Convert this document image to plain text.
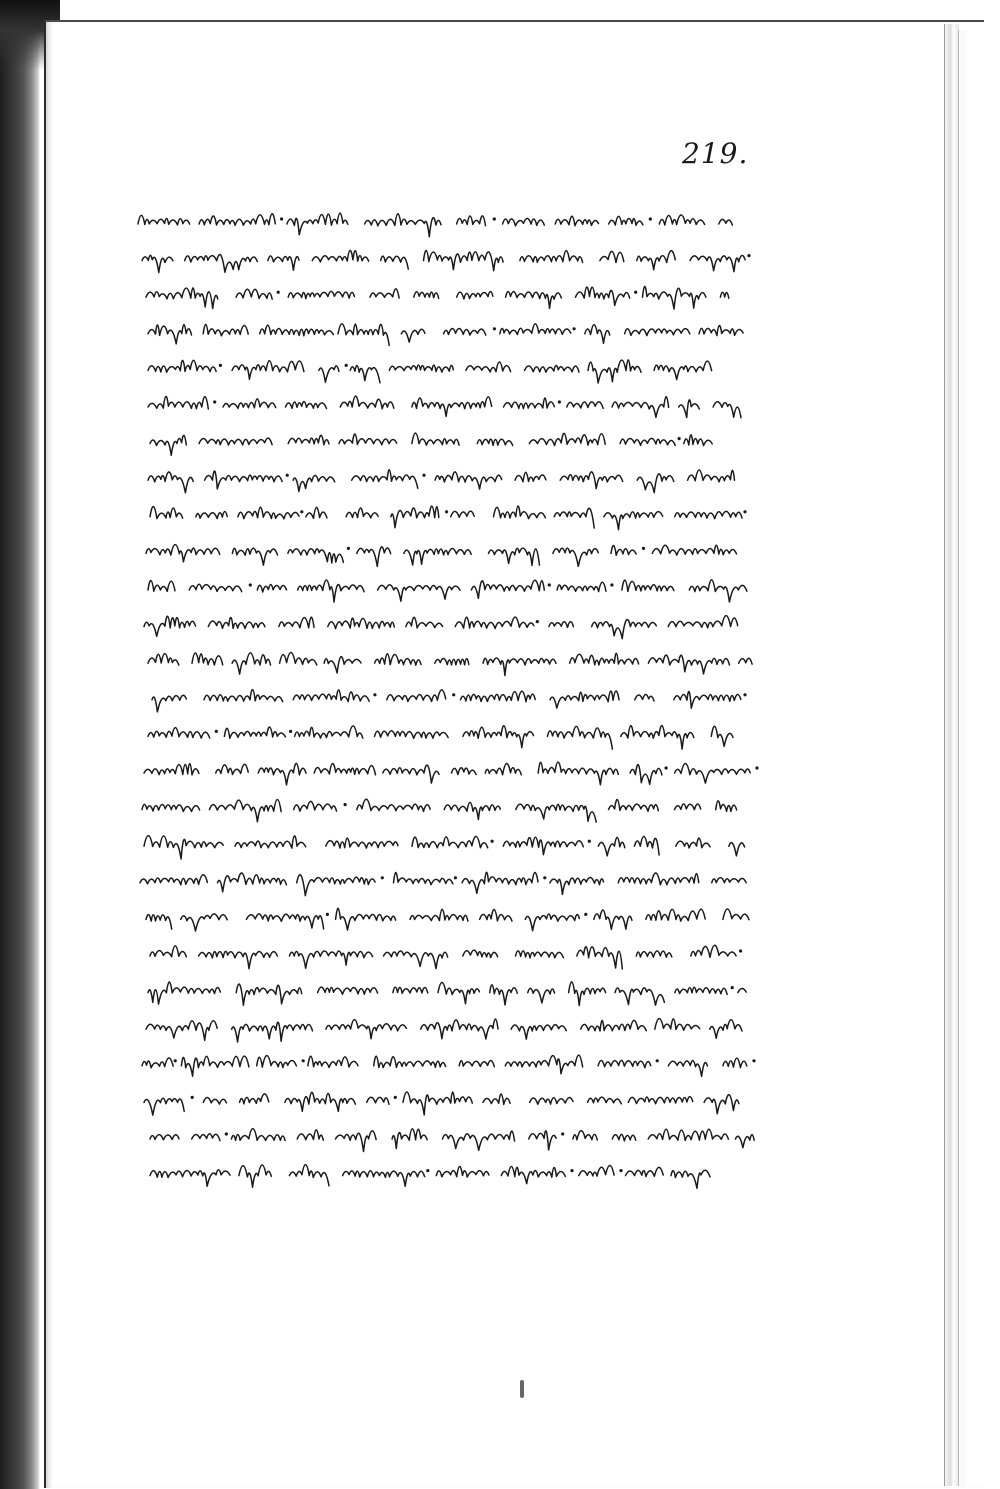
219.
